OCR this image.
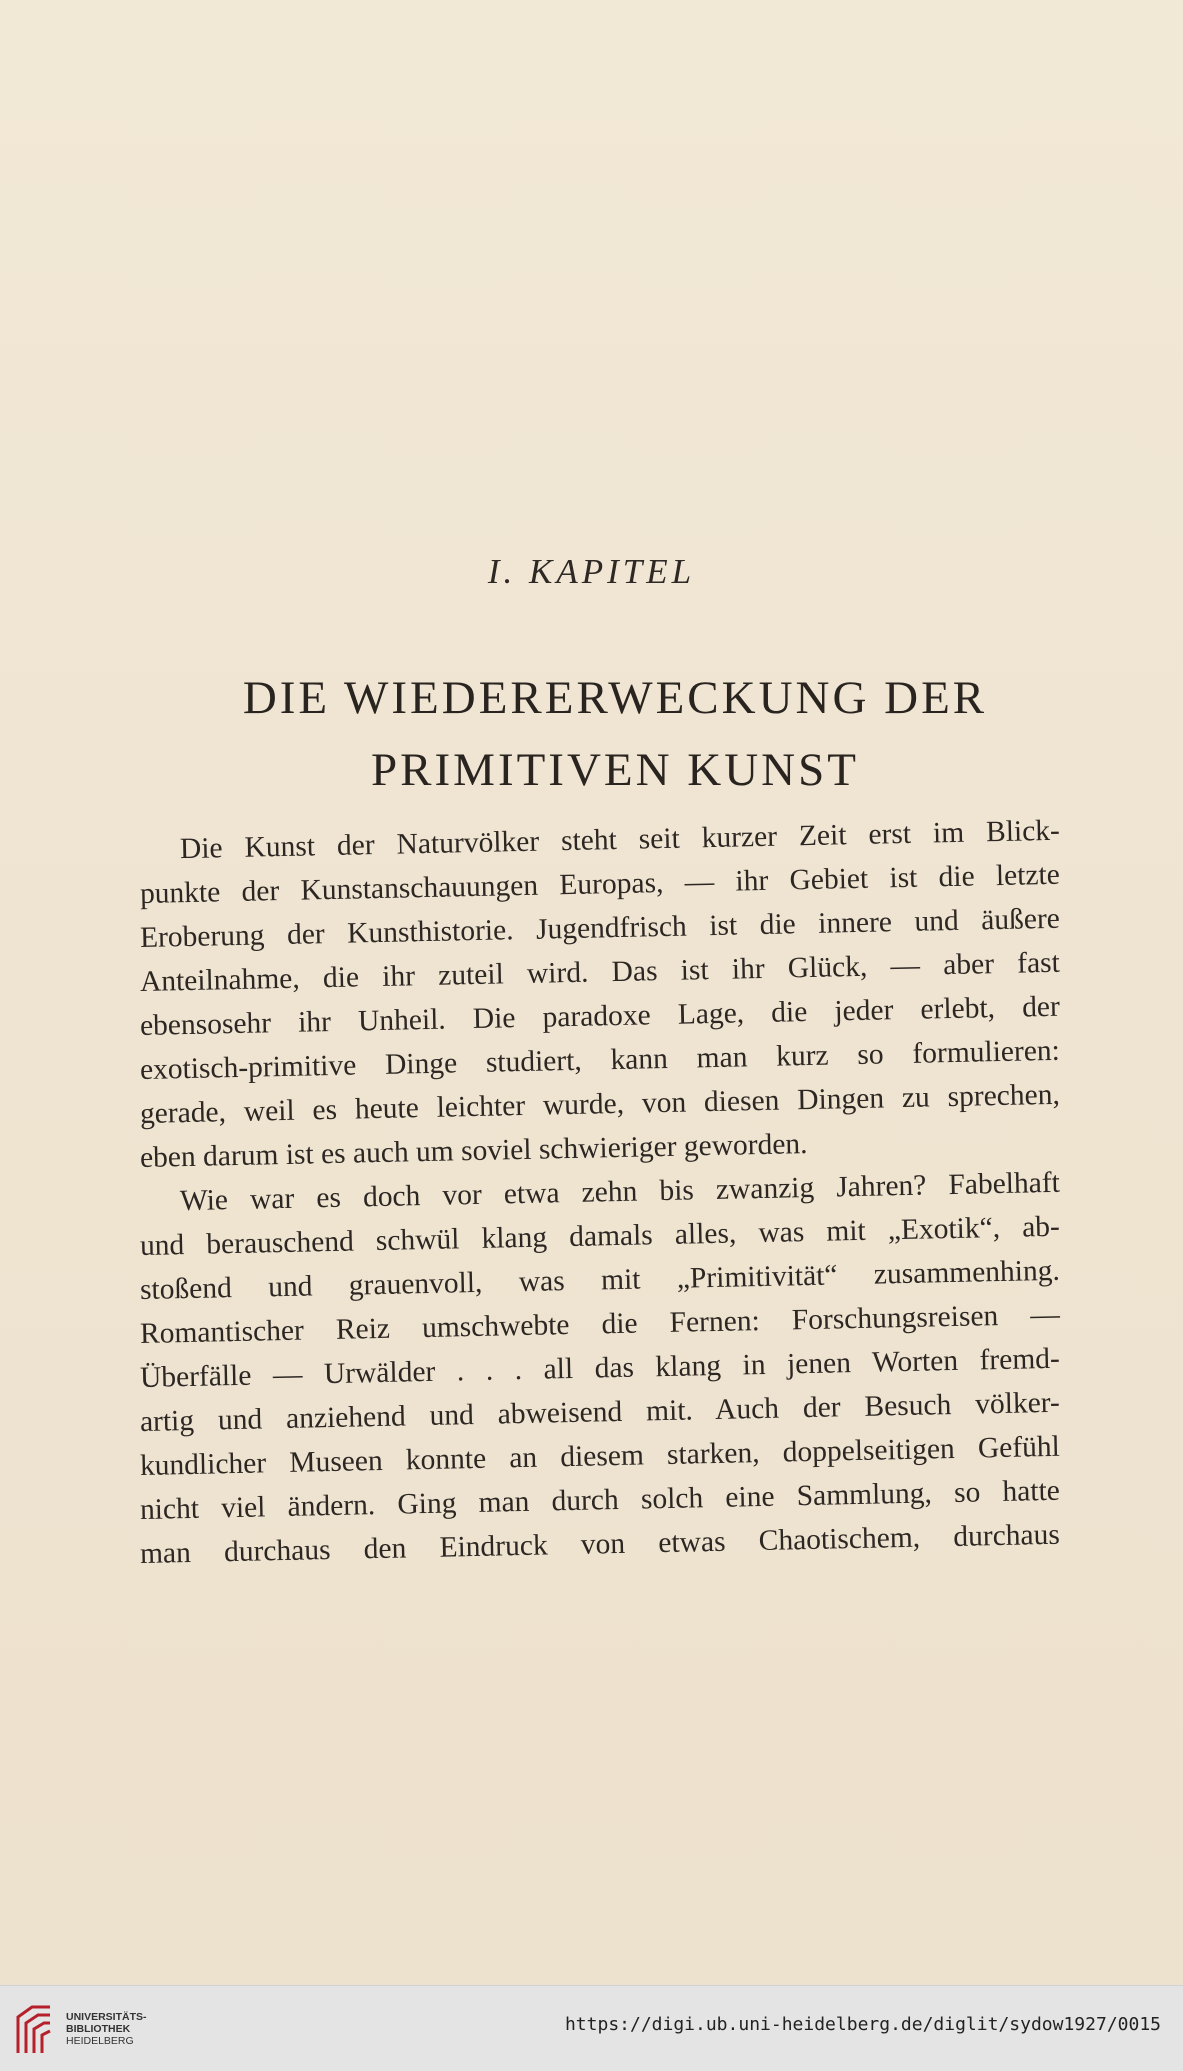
I. KAPITEL
DIE WIEDERERWECKUNG DER
PRIMITIVEN KUNST
Die Kunst der Naturvölker steht seit kurzer Zeit erst im Blick-
punkte der Kunstanschauungen Europas, — ihr Gebiet ist die letzte
Eroberung der Kunsthistorie. Jugendfrisch ist die innere und äußere
Anteilnahme, die ihr zuteil wird. Das ist ihr Glück, — aber fast
ebensosehr ihr Unheil. Die paradoxe Lage, die jeder erlebt, der
exotisch-primitive Dinge studiert, kann man kurz so formulieren:
gerade, weil es heute leichter wurde, von diesen Dingen zu sprechen,
eben darum ist es auch um soviel schwieriger geworden.
Wie war es doch vor etwa zehn bis zwanzig Jahren? Fabelhaft
und berauschend schwül klang damals alles, was mit „Exotik“, ab-
stoßend und grauenvoll, was mit „Primitivität“ zusammenhing.
Romantischer Reiz umschwebte die Fernen: Forschungsreisen —
Überfälle — Urwälder . . . all das klang in jenen Worten fremd-
artig und anziehend und abweisend mit. Auch der Besuch völker-
kundlicher Museen konnte an diesem starken, doppelseitigen Gefühl
nicht viel ändern. Ging man durch solch eine Sammlung, so hatte
man durchaus den Eindruck von etwas Chaotischem, durchaus
UNIVERSITÄTS-
BIBLIOTHEK
HEIDELBERG
https://digi.ub.uni-heidelberg.de/diglit/sydow1927/0015
